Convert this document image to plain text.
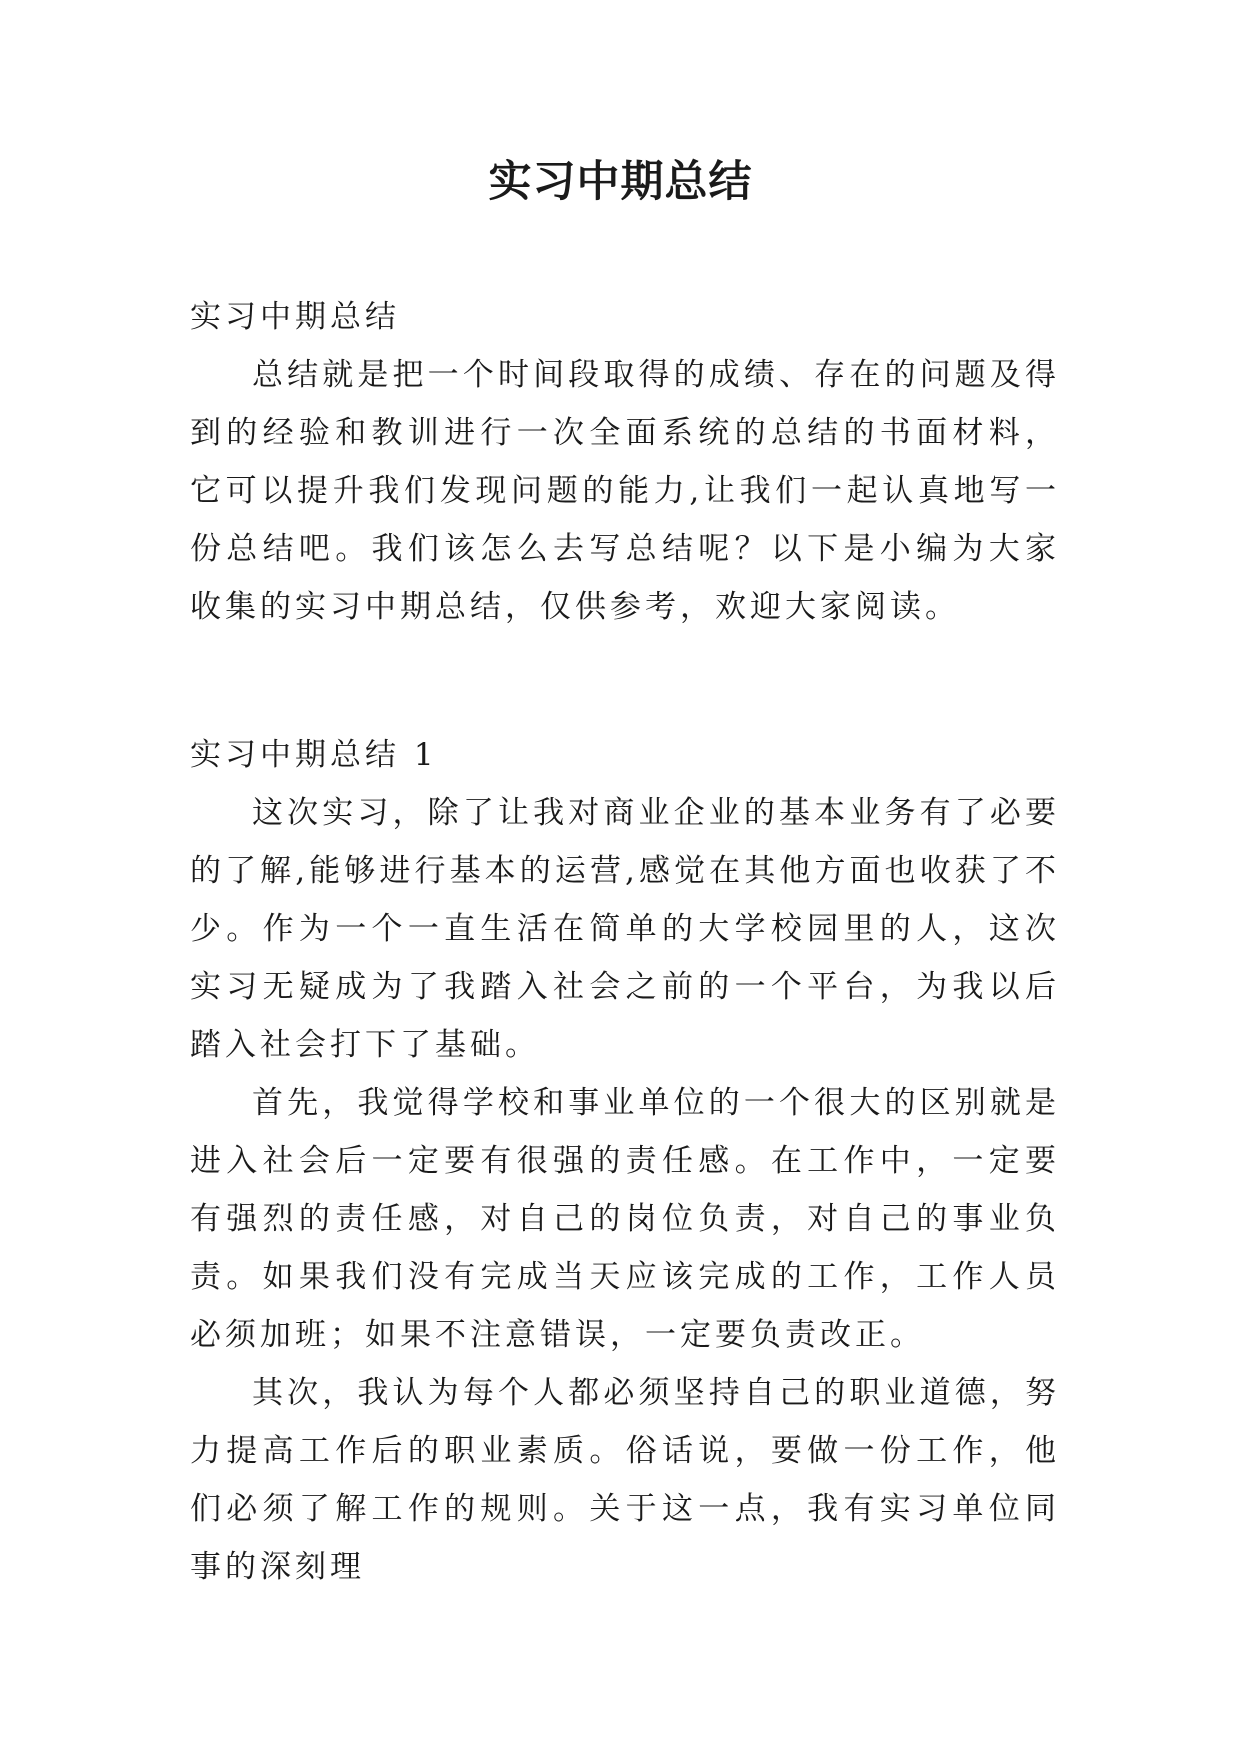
实习中期总结
实习中期总结

总结就是把一个时间段取得的成绩、存在的问题及得到的经验和教训进行一次全面系统的总结的书面材料，它可以提升我们发现问题的能力,让我们一起认真地写一份总结吧。我们该怎么去写总结呢？以下是小编为大家收集的实习中期总结，仅供参考，欢迎大家阅读。

实习中期总结 1

这次实习，除了让我对商业企业的基本业务有了必要的了解,能够进行基本的运营,感觉在其他方面也收获了不少。作为一个一直生活在简单的大学校园里的人，这次实习无疑成为了我踏入社会之前的一个平台，为我以后踏入社会打下了基础。

首先，我觉得学校和事业单位的一个很大的区别就是进入社会后一定要有很强的责任感。在工作中，一定要有强烈的责任感，对自己的岗位负责，对自己的事业负责。如果我们没有完成当天应该完成的工作，工作人员必须加班；如果不注意错误，一定要负责改正。

其次，我认为每个人都必须坚持自己的职业道德，努力提高工作后的职业素质。俗话说，要做一份工作，他们必须了解工作的规则。关于这一点，我有实习单位同事的深刻理
